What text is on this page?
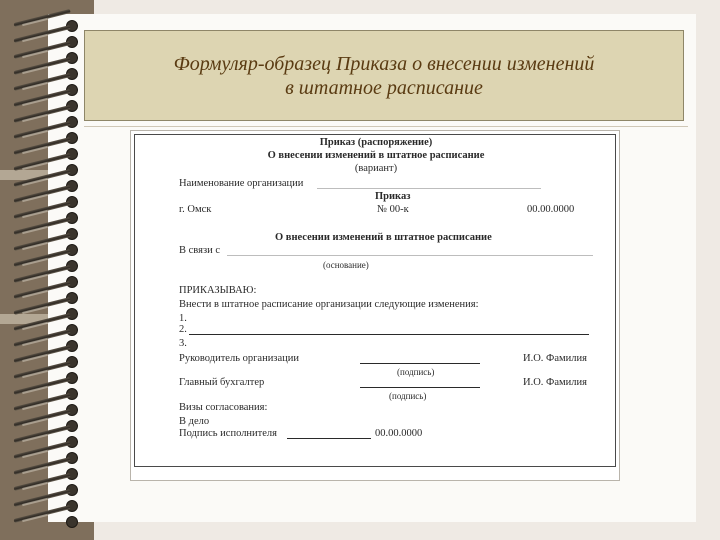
Формуляр-образец Приказа о внесении изменений
в штатное расписание
Приказ (распоряжение)
О внесении изменений в штатное расписание
(вариант)
Наименование организации
Приказ
г. Омск	№ 00-к	00.00.0000
О внесении изменений в штатное расписание
В связи с
(основание)
ПРИКАЗЫВАЮ:
Внести в штатное расписание организации следующие изменения:
1.
2.
3.
Руководитель организации	И.О. Фамилия
(подпись)
Главный бухгалтер	И.О. Фамилия
(подпись)
Визы согласования:
В дело
Подпись исполнителя	00.00.0000
